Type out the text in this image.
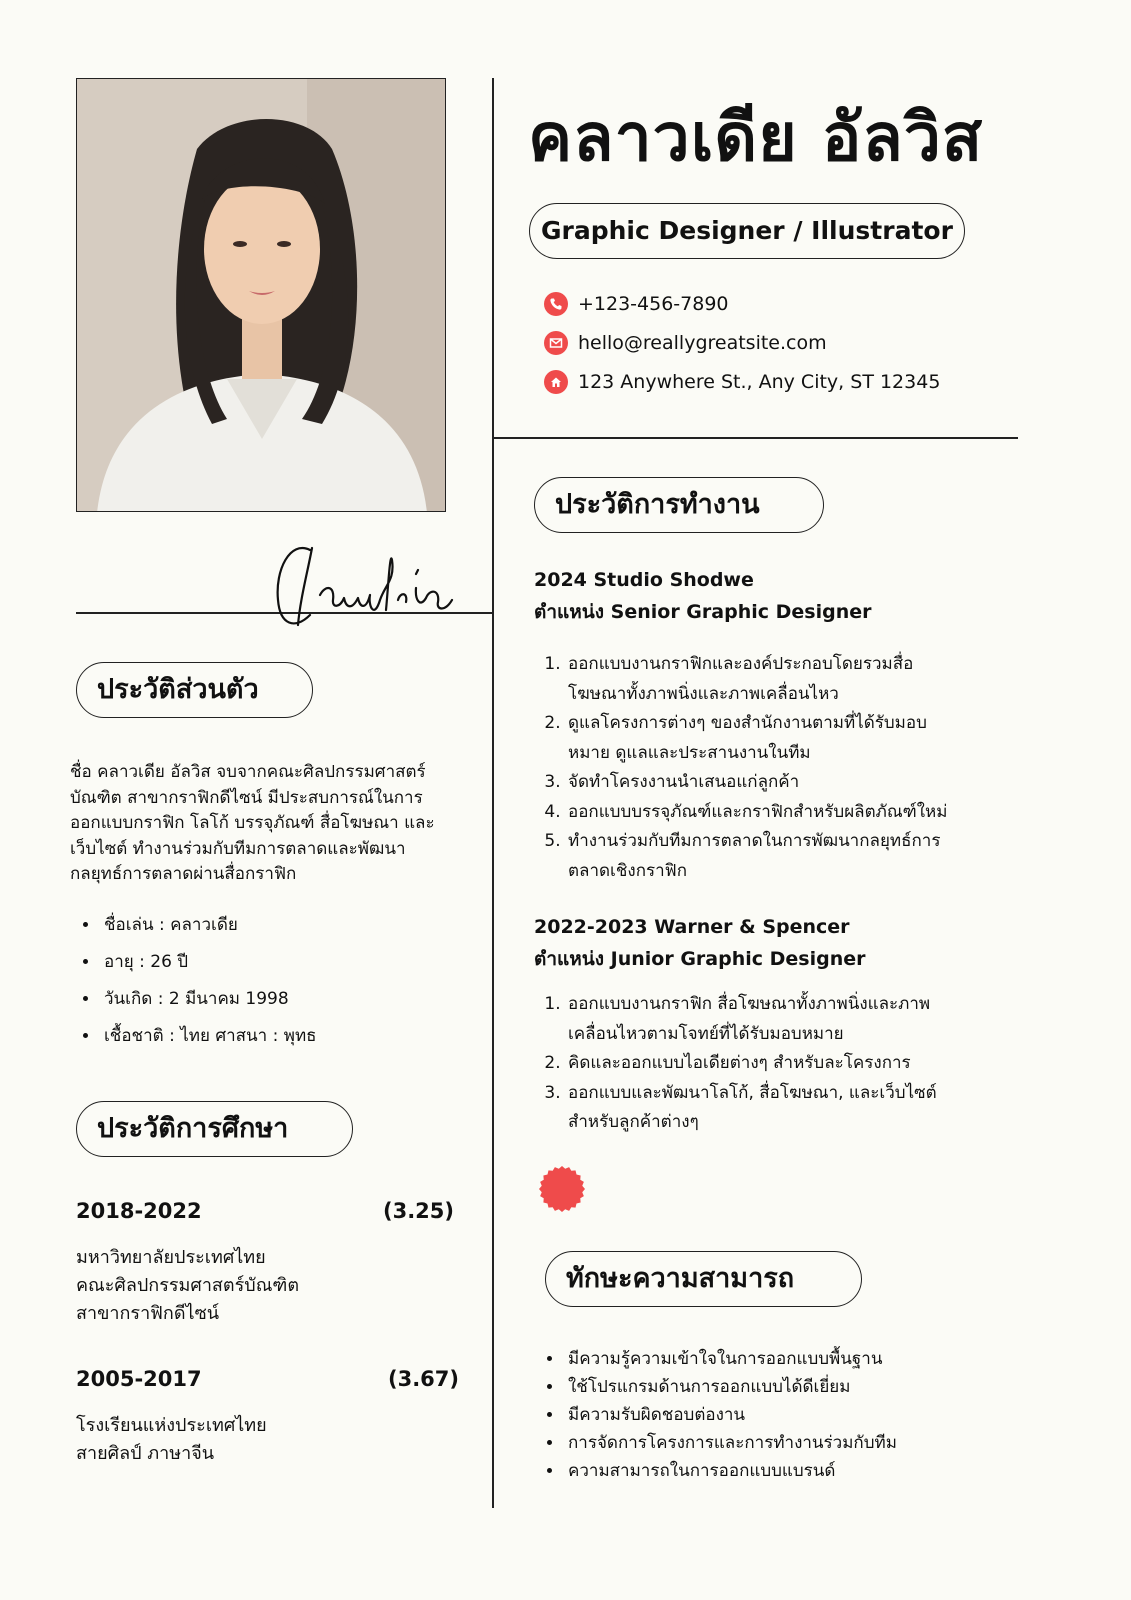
คลาวเดีย อัลวิส
Graphic Designer / Illustrator
+123-456-7890
hello@reallygreatsite.com
123 Anywhere St., Any City, ST 12345
ประวัติส่วนตัว
ชื่อ คลาวเดีย อัลวิส จบจากคณะศิลปกรรมศาสตร์
บัณฑิต สาขากราฟิกดีไซน์ มีประสบการณ์ในการ
ออกแบบกราฟิก โลโก้ บรรจุภัณฑ์ สื่อโฆษณา และ
เว็บไซต์ ทำงานร่วมกับทีมการตลาดและพัฒนา
กลยุทธ์การตลาดผ่านสื่อกราฟิก
• ชื่อเล่น : คลาวเดีย
• อายุ : 26 ปี
• วันเกิด : 2 มีนาคม 1998
• เชื้อชาติ : ไทย ศาสนา : พุทธ
ประวัติการศึกษา
2018-2022	(3.25)
มหาวิทยาลัยประเทศไทย
คณะศิลปกรรมศาสตร์บัณฑิต
สาขากราฟิกดีไซน์
2005-2017	(3.67)
โรงเรียนแห่งประเทศไทย
สายศิลป์ ภาษาจีน
ประวัติการทำงาน
2024 Studio Shodwe
ตำแหน่ง Senior Graphic Designer
1. ออกแบบงานกราฟิกและองค์ประกอบโดยรวมสื่อ
โฆษณาทั้งภาพนิ่งและภาพเคลื่อนไหว
2. ดูแลโครงการต่างๆ ของสำนักงานตามที่ได้รับมอบ
หมาย ดูแลและประสานงานในทีม
3. จัดทำโครงงานนำเสนอแก่ลูกค้า
4. ออกแบบบรรจุภัณฑ์และกราฟิกสำหรับผลิตภัณฑ์ใหม่
5. ทำงานร่วมกับทีมการตลาดในการพัฒนากลยุทธ์การ
ตลาดเชิงกราฟิก
2022-2023 Warner & Spencer
ตำแหน่ง Junior Graphic Designer
1. ออกแบบงานกราฟิก สื่อโฆษณาทั้งภาพนิ่งและภาพ
เคลื่อนไหวตามโจทย์ที่ได้รับมอบหมาย
2. คิดและออกแบบไอเดียต่างๆ สำหรับละโครงการ
3. ออกแบบและพัฒนาโลโก้, สื่อโฆษณา, และเว็บไซต์
สำหรับลูกค้าต่างๆ
ทักษะความสามารถ
• มีความรู้ความเข้าใจในการออกแบบพื้นฐาน
• ใช้โปรแกรมด้านการออกแบบได้ดีเยี่ยม
• มีความรับผิดชอบต่องาน
• การจัดการโครงการและการทำงานร่วมกับทีม
• ความสามารถในการออกแบบแบรนด์
